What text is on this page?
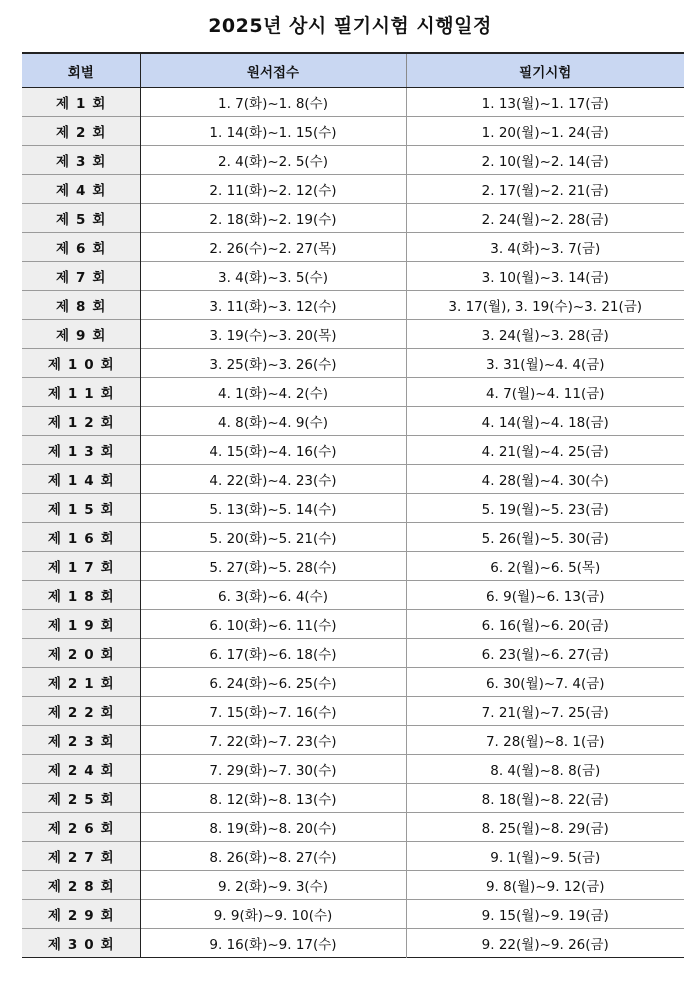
2025년 상시 필기시험 시행일정
회별	원서접수	필기시험
제1회	1. 7(화)~1. 8(수)	1. 13(월)~1. 17(금)
제2회	1. 14(화)~1. 15(수)	1. 20(월)~1. 24(금)
제3회	2. 4(화)~2. 5(수)	2. 10(월)~2. 14(금)
제4회	2. 11(화)~2. 12(수)	2. 17(월)~2. 21(금)
제5회	2. 18(화)~2. 19(수)	2. 24(월)~2. 28(금)
제6회	2. 26(수)~2. 27(목)	3. 4(화)~3. 7(금)
제7회	3. 4(화)~3. 5(수)	3. 10(월)~3. 14(금)
제8회	3. 11(화)~3. 12(수)	3. 17(월), 3. 19(수)~3. 21(금)
제9회	3. 19(수)~3. 20(목)	3. 24(월)~3. 28(금)
제10회	3. 25(화)~3. 26(수)	3. 31(월)~4. 4(금)
제11회	4. 1(화)~4. 2(수)	4. 7(월)~4. 11(금)
제12회	4. 8(화)~4. 9(수)	4. 14(월)~4. 18(금)
제13회	4. 15(화)~4. 16(수)	4. 21(월)~4. 25(금)
제14회	4. 22(화)~4. 23(수)	4. 28(월)~4. 30(수)
제15회	5. 13(화)~5. 14(수)	5. 19(월)~5. 23(금)
제16회	5. 20(화)~5. 21(수)	5. 26(월)~5. 30(금)
제17회	5. 27(화)~5. 28(수)	6. 2(월)~6. 5(목)
제18회	6. 3(화)~6. 4(수)	6. 9(월)~6. 13(금)
제19회	6. 10(화)~6. 11(수)	6. 16(월)~6. 20(금)
제20회	6. 17(화)~6. 18(수)	6. 23(월)~6. 27(금)
제21회	6. 24(화)~6. 25(수)	6. 30(월)~7. 4(금)
제22회	7. 15(화)~7. 16(수)	7. 21(월)~7. 25(금)
제23회	7. 22(화)~7. 23(수)	7. 28(월)~8. 1(금)
제24회	7. 29(화)~7. 30(수)	8. 4(월)~8. 8(금)
제25회	8. 12(화)~8. 13(수)	8. 18(월)~8. 22(금)
제26회	8. 19(화)~8. 20(수)	8. 25(월)~8. 29(금)
제27회	8. 26(화)~8. 27(수)	9. 1(월)~9. 5(금)
제28회	9. 2(화)~9. 3(수)	9. 8(월)~9. 12(금)
제29회	9. 9(화)~9. 10(수)	9. 15(월)~9. 19(금)
제30회	9. 16(화)~9. 17(수)	9. 22(월)~9. 26(금)
